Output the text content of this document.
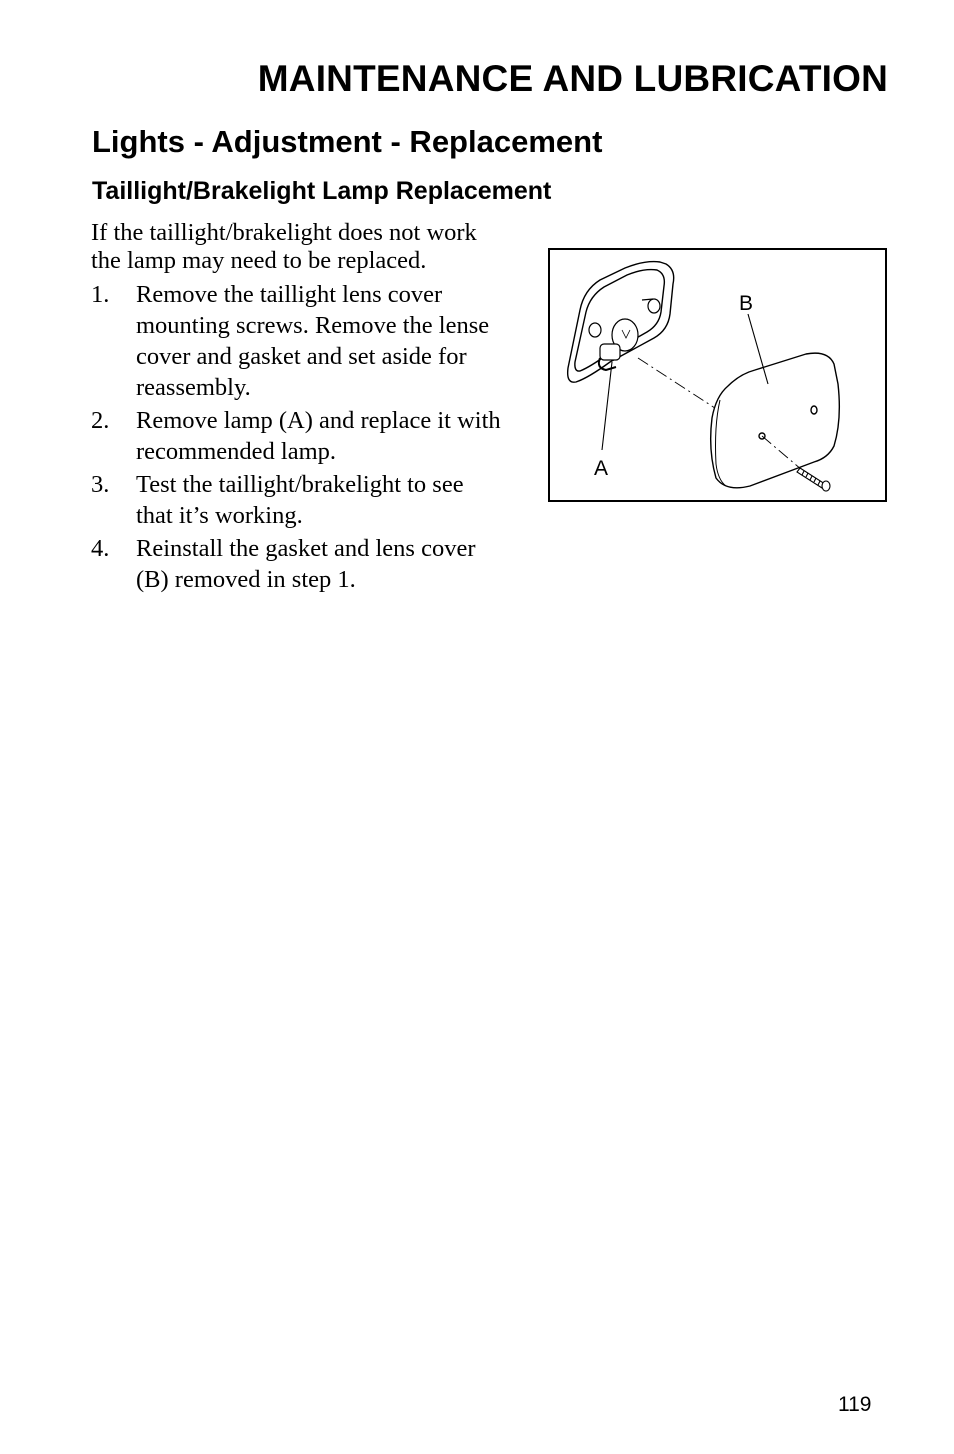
MAINTENANCE AND LUBRICATION
Lights - Adjustment - Replacement
Taillight/Brakelight Lamp Replacement

If the taillight/brakelight does not work the lamp may need to be replaced.

1. Remove the taillight lens cover mounting screws. Remove the lense cover and gasket and set aside for reassembly.
2. Remove lamp (A) and replace it with recommended lamp.
3. Test the taillight/brakelight to see that it’s working.
4. Reinstall the gasket and lens cover (B) removed in step 1.
B
A
119
